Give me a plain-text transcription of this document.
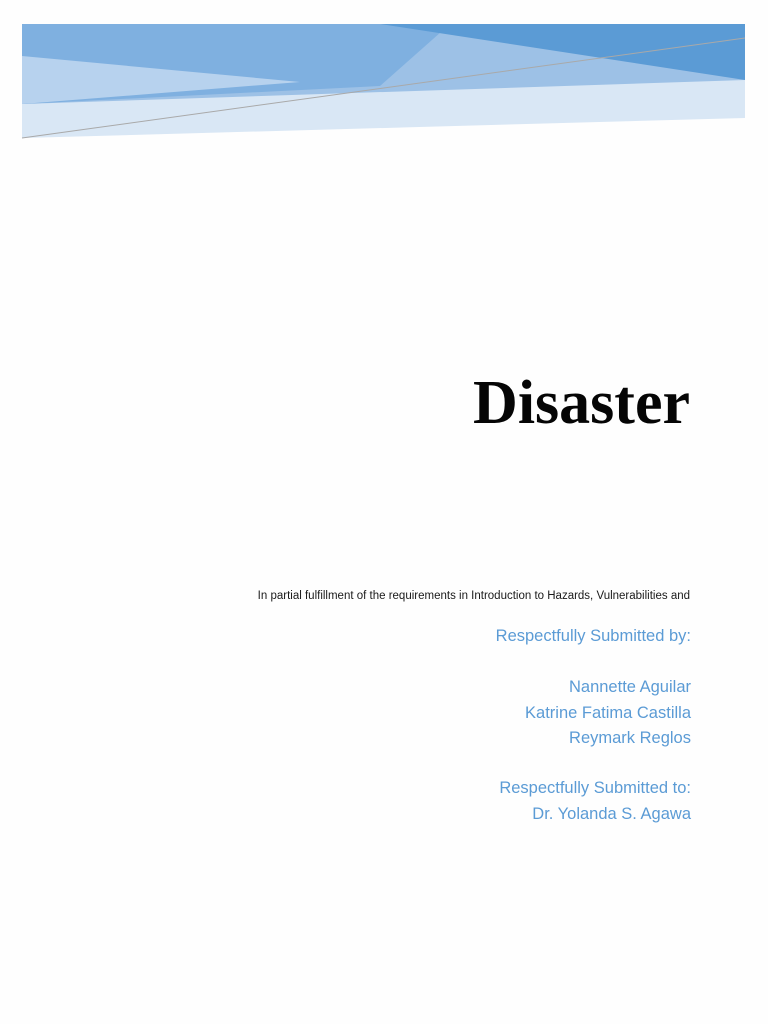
Disaster

In partial fulfillment of the requirements in Introduction to Hazards, Vulnerabilities and

Respectfully Submitted by:
Nannette Aguilar
Katrine Fatima Castilla
Reymark Reglos
Respectfully Submitted to:
Dr. Yolanda S. Agawa
